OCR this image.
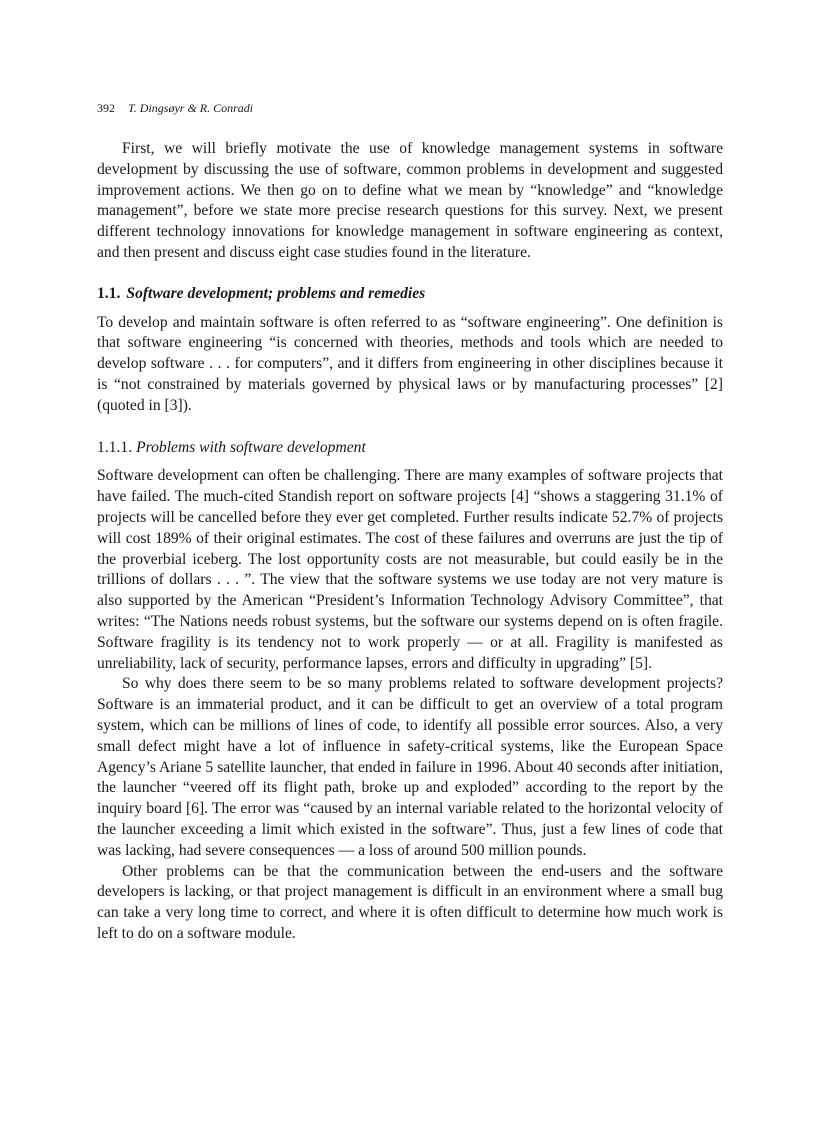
392 T. Dingsøyr & R. Conradi

First, we will briefly motivate the use of knowledge management systems in software development by discussing the use of software, common problems in development and suggested improvement actions. We then go on to define what we mean by “knowledge” and “knowledge management”, before we state more precise research questions for this survey. Next, we present different technology innovations for knowledge management in software engineering as context, and then present and discuss eight case studies found in the literature.

1.1. Software development; problems and remedies

To develop and maintain software is often referred to as “software engineering”. One definition is that software engineering “is concerned with theories, methods and tools which are needed to develop software . . . for computers”, and it differs from engineering in other disciplines because it is “not constrained by materials governed by physical laws or by manufacturing processes” [2] (quoted in [3]).

1.1.1. Problems with software development

Software development can often be challenging. There are many examples of software projects that have failed. The much-cited Standish report on software projects [4] “shows a staggering 31.1% of projects will be cancelled before they ever get completed. Further results indicate 52.7% of projects will cost 189% of their original estimates. The cost of these failures and overruns are just the tip of the proverbial iceberg. The lost opportunity costs are not measurable, but could easily be in the trillions of dollars . . . ”. The view that the software systems we use today are not very mature is also supported by the American “President’s Information Technology Advisory Committee”, that writes: “The Nations needs robust systems, but the software our systems depend on is often fragile. Software fragility is its tendency not to work properly — or at all. Fragility is manifested as unreliability, lack of security, performance lapses, errors and difficulty in upgrading” [5].

So why does there seem to be so many problems related to software development projects? Software is an immaterial product, and it can be difficult to get an overview of a total program system, which can be millions of lines of code, to identify all possible error sources. Also, a very small defect might have a lot of influence in safety-critical systems, like the European Space Agency’s Ariane 5 satellite launcher, that ended in failure in 1996. About 40 seconds after initiation, the launcher “veered off its flight path, broke up and exploded” according to the report by the inquiry board [6]. The error was “caused by an internal variable related to the horizontal velocity of the launcher exceeding a limit which existed in the software”. Thus, just a few lines of code that was lacking, had severe consequences — a loss of around 500 million pounds.

Other problems can be that the communication between the end-users and the software developers is lacking, or that project management is difficult in an environment where a small bug can take a very long time to correct, and where it is often difficult to determine how much work is left to do on a software module.
